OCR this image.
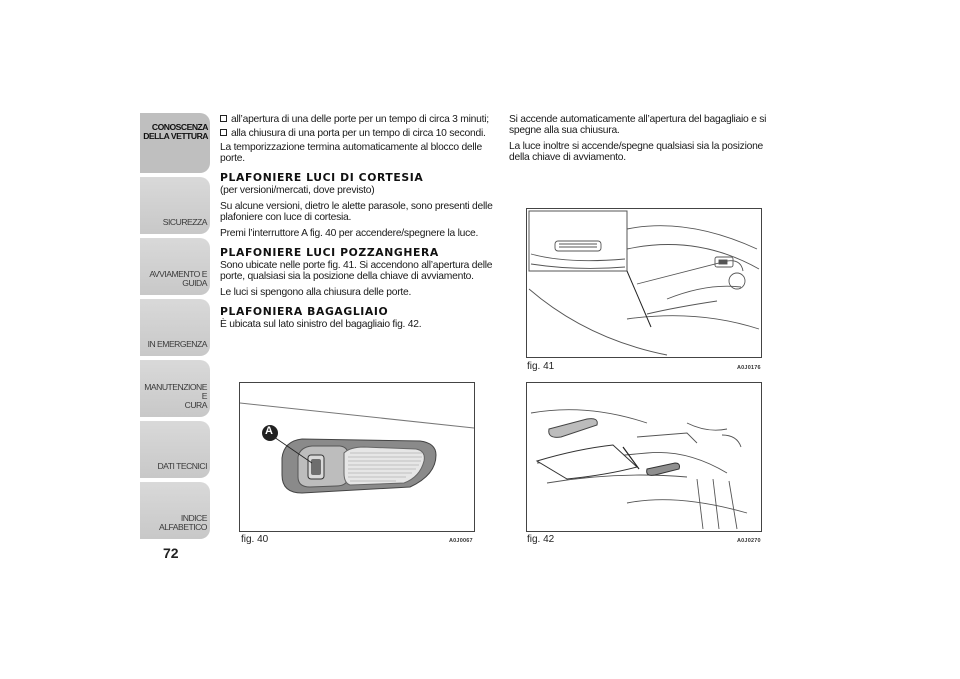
CONOSCENZA
DELLA VETTURA
SICUREZZA
AVVIAMENTO E
GUIDA
IN EMERGENZA
MANUTENZIONE E
CURA
DATI TECNICI
INDICE ALFABETICO
72
all’apertura di una delle porte per un tempo di circa 3 minuti;
alla chiusura di una porta per un tempo di circa 10 secondi.

La temporizzazione termina automaticamente al blocco delle porte.

PLAFONIERE LUCI DI CORTESIA

(per versioni/mercati, dove previsto)

Su alcune versioni, dietro le alette parasole, sono presenti delle plafoniere con luce di cortesia.

Premi l’interruttore A fig. 40 per accendere/spegnere la luce.

PLAFONIERE LUCI POZZANGHERA

Sono ubicate nelle porte fig. 41. Si accendono all’apertura delle porte, qualsiasi sia la posizione della chiave di avviamento.

Le luci si spengono alla chiusura delle porte.

PLAFONIERA BAGAGLIAIO

È ubicata sul lato sinistro del bagagliaio fig. 42.

Si accende automaticamente all’apertura del bagagliaio e si spegne alla sua chiusura.

La luce inoltre si accende/spegne qualsiasi sia la posizione della chiave di avviamento.

A
fig. 40	A0J0067
fig. 41	A0J0176
fig. 42	A0J0270
